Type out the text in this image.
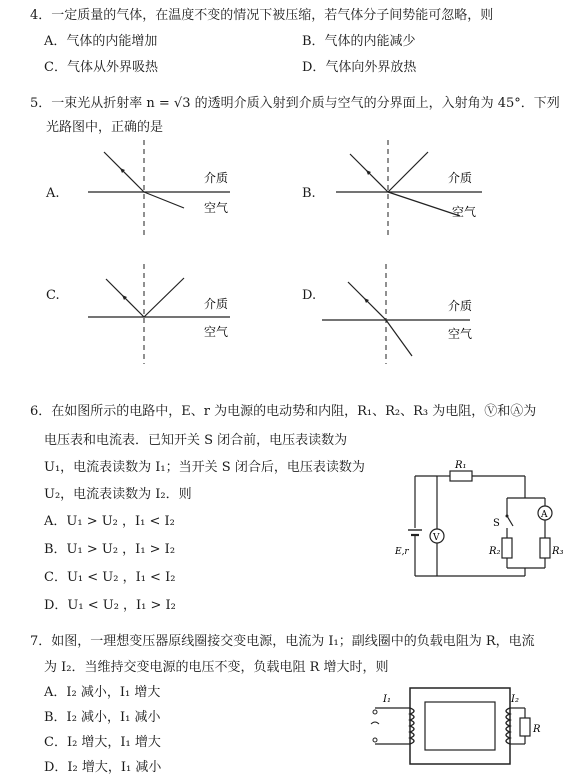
4．一定质量的气体，在温度不变的情况下被压缩，若气体分子间势能可忽略，则
A．气体的内能增加	B．气体的内能减少
C．气体从外界吸热	D．气体向外界放热
5．一束光从折射率 n = √3 的透明介质入射到介质与空气的分界面上，入射角为 45°．下列
光路图中，正确的是
A.
介质
空气
B.
介质
空气
C.
介质
空气
D.
介质
空气
6．在如图所示的电路中，E、r 为电源的电动势和内阻，R₁、R₂、R₃ 为电阻，Ⓥ和Ⓐ为
电压表和电流表．已知开关 S 闭合前，电压表读数为
U₁，电流表读数为 I₁；当开关 S 闭合后，电压表读数为
U₂，电流表读数为 I₂．则
A．U₁ > U₂ ，I₁ < I₂
B．U₁ > U₂ ，I₁ > I₂
C．U₁ < U₂ ，I₁ < I₂
D．U₁ < U₂ ，I₁ > I₂
R₁
S
R₂
A
R₃
V
E,r
7．如图，一理想变压器原线圈接交变电源，电流为 I₁；副线圈中的负载电阻为 R，电流
为 I₂．当维持交变电源的电压不变，负载电阻 R 增大时，则
A．I₂ 减小，I₁ 增大
B．I₂ 减小，I₁ 减小
C．I₂ 增大，I₁ 增大
D．I₂ 增大，I₁ 减小
I₁
R
I₂
